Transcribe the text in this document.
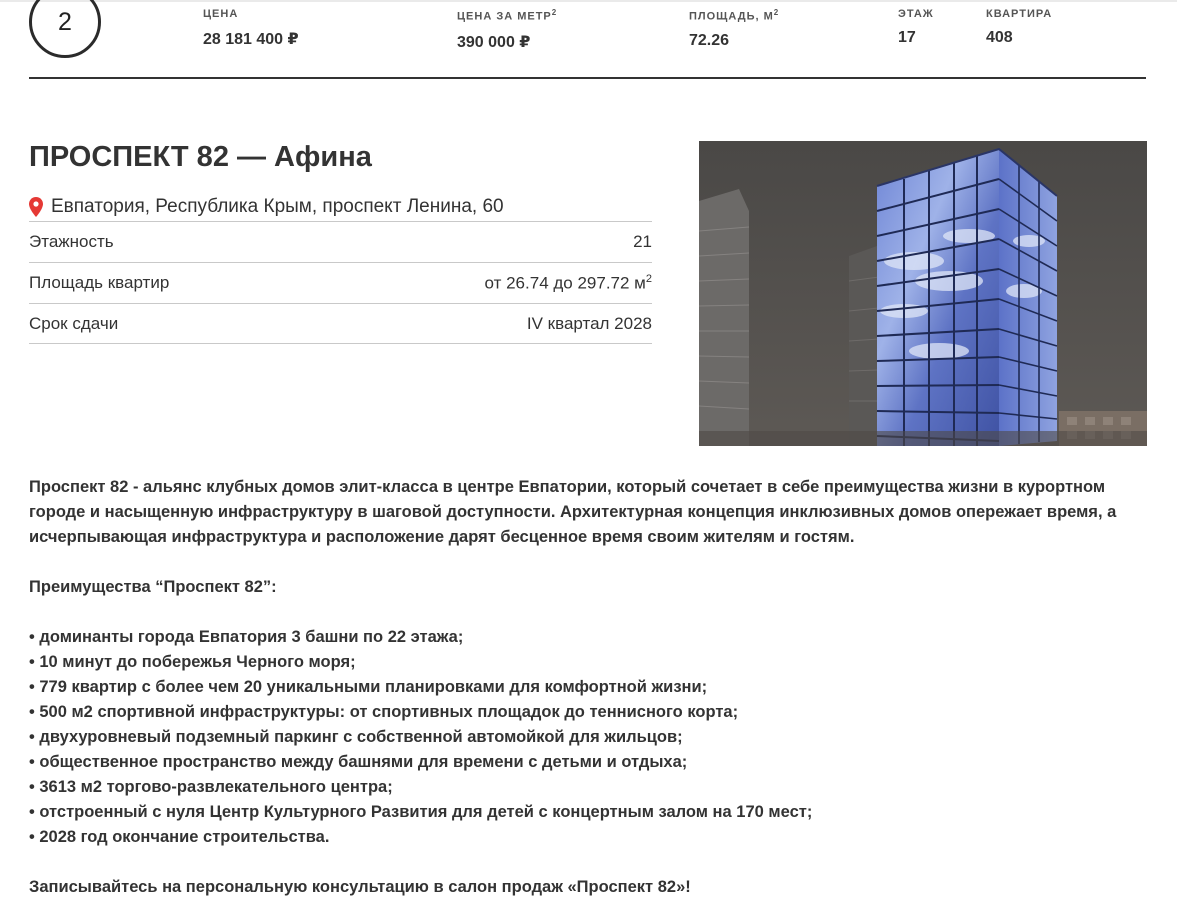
2	ЦЕНА
28 181 400 ₽
ЦЕНА ЗА МЕТР$^2$
390 000 ₽
ПЛОЩАДЬ, $М^2$
72.26
ЭТАЖ
17
КВАРТИРА
408
ПРОСПЕКТ 82 — Афина
Евпатория, Республика Крым, проспект Ленина, 60
Этажность	21
Площадь квартир	от 26.74 до 297.72 $м^2$
Срок сдачи	IV квартал 2028

Проспект 82 - альянс клубных домов элит-класса в центре Евпатории, который сочетает в себе преимущества жизни в курортном городе и насыщенную инфраструктуру в шаговой доступности. Архитектурная концепция инклюзивных домов опережает время, а исчерпывающая инфраструктура и расположение дарят бесценное время своим жителям и гостям.

Преимущества “Проспект 82”:

• доминанты города Евпатория 3 башни по 22 этажа;
• 10 минут до побережья Черного моря;
• 779 квартир с более чем 20 уникальными планировками для комфортной жизни;
• 500 м2 спортивной инфраструктуры: от спортивных площадок до теннисного корта;
• двухуровневый подземный паркинг с собственной автомойкой для жильцов;
• общественное пространство между башнями для времени с детьми и отдыха;
• 3613 м2 торгово-развлекательного центра;
• отстроенный с нуля Центр Культурного Развития для детей с концертным залом на 170 мест;
• 2028 год окончание строительства.

Записывайтесь на персональную консультацию в салон продаж «Проспект 82»!
